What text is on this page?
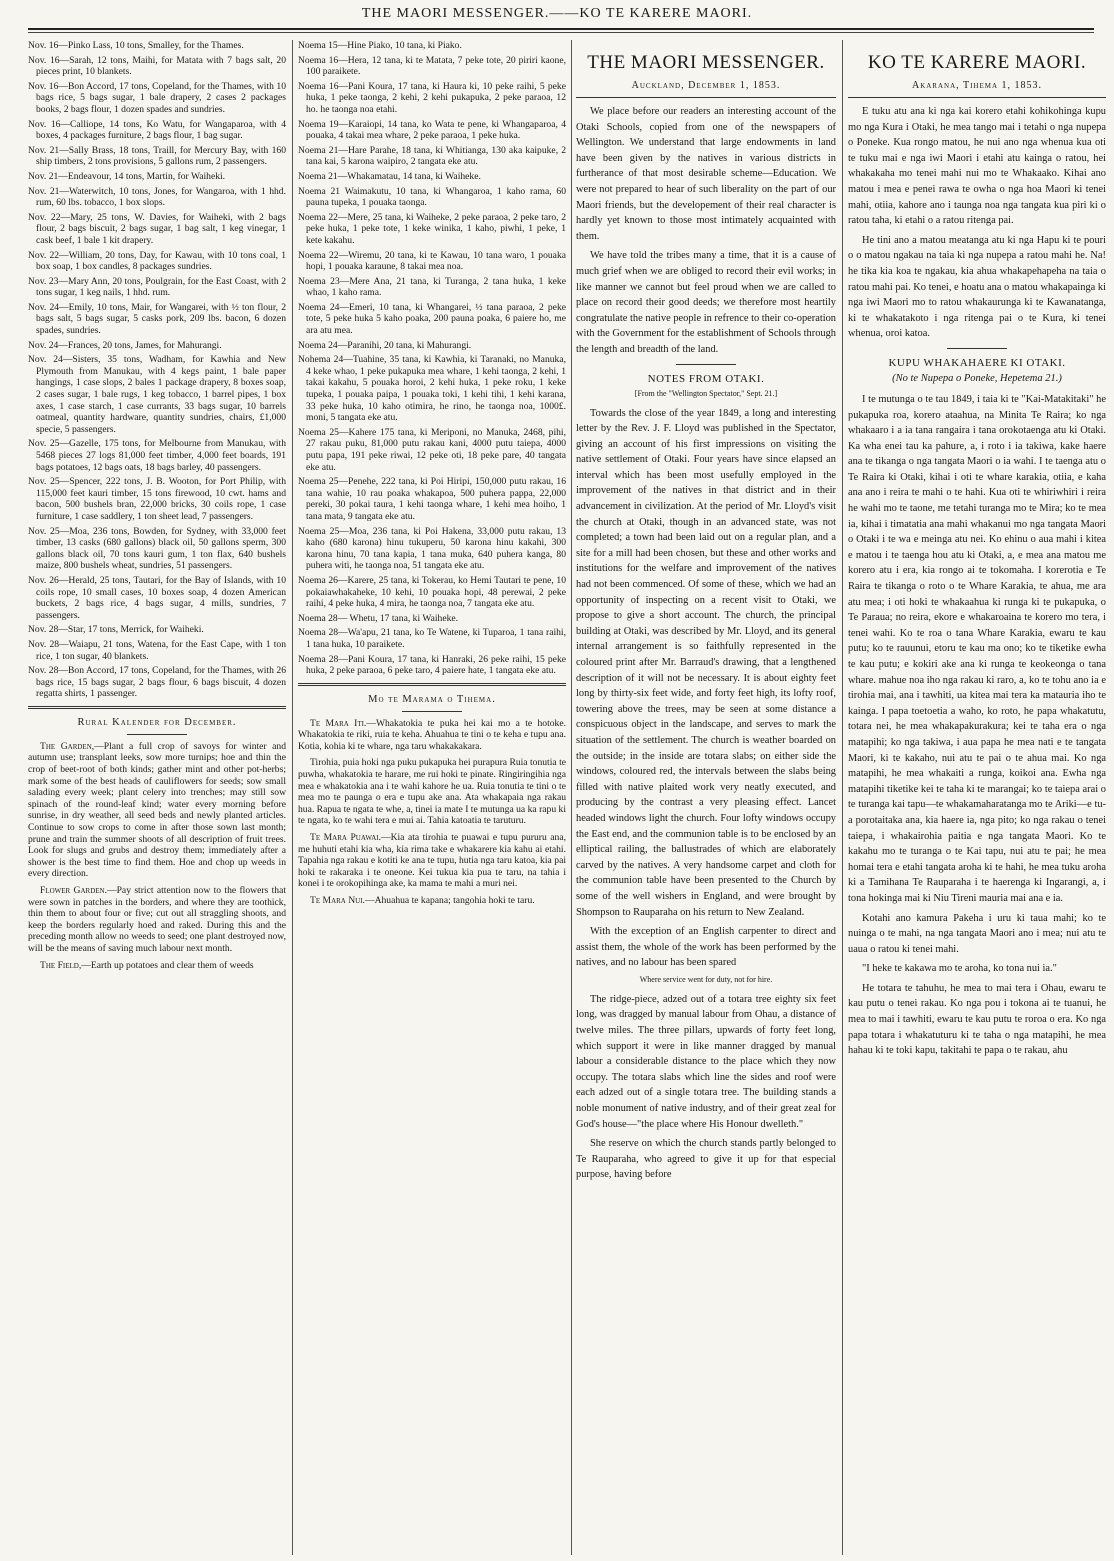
THE MAORI MESSENGER.——KO TE KARERE MAORI.

Nov. 16—Pinko Lass, 10 tons, Smalley, for the Thames.

Nov. 16—Sarah, 12 tons, Maihi, for Matata with 7 bags salt, 20 pieces print, 10 blankets.

Nov. 16—Bon Accord, 17 tons, Copeland, for the Thames, with 10 bags rice, 5 bags sugar, 1 bale drapery, 2 cases 2 packages books, 2 bags flour, 1 dozen spades and sundries.

Nov. 16—Calliope, 14 tons, Ko Watu, for Wangaparoa, with 4 boxes, 4 packages furniture, 2 bags flour, 1 bag sugar.

Nov. 21—Sally Brass, 18 tons, Traill, for Mercury Bay, with 160 ship timbers, 2 tons provisions, 5 gallons rum, 2 passengers.

Nov. 21—Endeavour, 14 tons, Martin, for Waiheki.

Nov. 21—Waterwitch, 10 tons, Jones, for Wangaroa, with 1 hhd. rum, 60 lbs. tobacco, 1 box slops.

Nov. 22—Mary, 25 tons, W. Davies, for Waiheki, with 2 bags flour, 2 bags biscuit, 2 bags sugar, 1 bag salt, 1 keg vinegar, 1 cask beef, 1 bale 1 kit drapery.

Nov. 22—William, 20 tons, Day, for Kawau, with 10 tons coal, 1 box soap, 1 box candles, 8 packages sundries.

Nov. 23—Mary Ann, 20 tons, Poulgrain, for the East Coast, with 2 tons sugar, 1 keg nails, 1 hhd. rum.

Nov. 24—Emily, 10 tons, Mair, for Wangarei, with ½ ton flour, 2 bags salt, 5 bags sugar, 5 casks pork, 209 lbs. bacon, 6 dozen spades, sundries.

Nov. 24—Frances, 20 tons, James, for Mahurangi.

Nov. 24—Sisters, 35 tons, Wadham, for Kawhia and New Plymouth from Manukau, with 4 kegs paint, 1 bale paper hangings, 1 case slops, 2 bales 1 package drapery, 8 boxes soap, 2 cases sugar, 1 bale rugs, 1 keg tobacco, 1 barrel pipes, 1 box axes, 1 case starch, 1 case currants, 33 bags sugar, 10 barrels oatmeal, quantity hardware, quantity sundries, chairs, £1,000 specie, 5 passengers.

Nov. 25—Gazelle, 175 tons, for Melbourne from Manukau, with 5468 pieces 27 logs 81,000 feet timber, 4,000 feet boards, 191 bags potatoes, 12 bags oats, 18 bags barley, 40 passengers.

Nov. 25—Spencer, 222 tons, J. B. Wooton, for Port Philip, with 115,000 feet kauri timber, 15 tons firewood, 10 cwt. hams and bacon, 500 bushels bran, 22,000 bricks, 30 coils rope, 1 case furniture, 1 case saddlery, 1 ton sheet lead, 7 passengers.

Nov. 25—Moa, 236 tons, Bowden, for Sydney, with 33,000 feet timber, 13 casks (680 gallons) black oil, 50 gallons sperm, 300 gallons black oil, 70 tons kauri gum, 1 ton flax, 640 bushels maize, 800 bushels wheat, sundries, 51 passengers.

Nov. 26—Herald, 25 tons, Tautari, for the Bay of Islands, with 10 coils rope, 10 small cases, 10 boxes soap, 4 dozen American buckets, 2 bags rice, 4 bags sugar, 4 mills, sundries, 7 passengers.

Nov. 28—Star, 17 tons, Merrick, for Waiheki.

Nov. 28—Waiapu, 21 tons, Watena, for the East Cape, with 1 ton rice, 1 ton sugar, 40 blankets.

Nov. 28—Bon Accord, 17 tons, Copeland, for the Thames, with 26 bags rice, 15 bags sugar, 2 bags flour, 6 bags biscuit, 4 dozen regatta shirts, 1 passenger.

Rural Kalender for December.

The Garden,—Plant a full crop of savoys for winter and autumn use; transplant leeks, sow more turnips; hoe and thin the crop of beet-root of both kinds; gather mint and other pot-herbs; mark some of the best heads of cauliflowers for seeds; sow small salading every week; plant celery into trenches; may still sow spinach of the round-leaf kind; water every morning before sunrise, in dry weather, all seed beds and newly planted articles. Continue to sow crops to come in after those sown last month; prune and train the summer shoots of all description of fruit trees. Look for slugs and grubs and destroy them; immediately after a shower is the best time to find them. Hoe and chop up weeds in every direction.

Flower Garden.—Pay strict attention now to the flowers that were sown in patches in the borders, and where they are toothick, thin them to about four or five; cut out all straggling shoots, and keep the borders regularly hoed and raked. During this and the preceding month allow no weeds to seed; one plant destroyed now, will be the means of saving much labour next month.

The Field,—Earth up potatoes and clear them of weeds

Noema 15—Hine Piako, 10 tana, ki Piako.

Noema 16—Hera, 12 tana, ki te Matata, 7 peke tote, 20 piriri kaone, 100 paraikete.

Noema 16—Pani Koura, 17 tana, ki Haura ki, 10 peke raihi, 5 peke huka, 1 peke taonga, 2 kehi, 2 kehi pukapuka, 2 peke paraoa, 12 ho. he taonga noa etahi.

Noema 19—Karaiopi, 14 tana, ko Wata te pene, ki Whangaparoa, 4 pouaka, 4 takai mea whare, 2 peke paraoa, 1 peke huka.

Noema 21—Hare Parahe, 18 tana, ki Whitianga, 130 aka kaipuke, 2 tana kai, 5 karona waipiro, 2 tangata eke atu.

Noema 21—Whakamatau, 14 tana, ki Waiheke.

Noema 21 Waimakutu, 10 tana, ki Whangaroa, 1 kaho rama, 60 pauna tupeka, 1 pouaka taonga.

Noema 22—Mere, 25 tana, ki Waiheke, 2 peke paraoa, 2 peke taro, 2 peke huka, 1 peke tote, 1 keke winika, 1 kaho, piwhi, 1 peke, 1 kete kakahu.

Noema 22—Wiremu, 20 tana, ki te Kawau, 10 tana waro, 1 pouaka hopi, 1 pouaka karaune, 8 takai mea noa.

Noema 23—Mere Ana, 21 tana, ki Turanga, 2 tana huka, 1 keke whao, 1 kaho rama.

Noema 24—Emeri, 10 tana, ki Whangarei, ½ tana paraoa, 2 peke tote, 5 peke huka 5 kaho poaka, 200 pauna poaka, 6 paiere ho, me ara atu mea.

Noema 24—Paranihi, 20 tana, ki Mahurangi.

Nohema 24—Tuahine, 35 tana, ki Kawhia, ki Taranaki, no Manuka, 4 keke whao, 1 peke pukapuka mea whare, 1 kehi taonga, 2 kehi, 1 takai kakahu, 5 pouaka horoi, 2 kehi huka, 1 peke roku, 1 keke tupeka, 1 pouaka paipa, 1 pouaka toki, 1 kehi tihi, 1 kehi karana, 33 peke huka, 10 kaho otimira, he rino, he taonga noa, 1000£. moni, 5 tangata eke atu.

Noema 25—Kahere 175 tana, ki Meriponi, no Manuka, 2468, pihi, 27 rakau puku, 81,000 putu rakau kani, 4000 putu taiepa, 4000 putu papa, 191 peke riwai, 12 peke oti, 18 peke pare, 40 tangata eke atu.

Noema 25—Penehe, 222 tana, ki Poi Hiripi, 150,000 putu rakau, 16 tana wahie, 10 rau poaka whakapoa, 500 puhera pappa, 22,000 pereki, 30 pokai taura, 1 kehi taonga whare, 1 kehi mea hoiho, 1 tana mata, 9 tangata eke atu.

Noema 25—Moa, 236 tana, ki Poi Hakena, 33,000 putu rakau, 13 kaho (680 karona) hinu tukuperu, 50 karona hinu kakahi, 300 karona hinu, 70 tana kapia, 1 tana muka, 640 puhera kanga, 80 puhera witi, he taonga noa, 51 tangata eke atu.

Noema 26—Karere, 25 tana, ki Tokerau, ko Hemi Tautari te pene, 10 pokaiawhakaheke, 10 kehi, 10 pouaka hopi, 48 perewai, 2 peke raihi, 4 peke huka, 4 mira, he taonga noa, 7 tangata eke atu.

Noema 28— Whetu, 17 tana, ki Waiheke.

Noema 28—Wa'apu, 21 tana, ko Te Watene, ki Tuparoa, 1 tana raihi, 1 tana huka, 10 paraikete.

Noema 28—Pani Koura, 17 tana, ki Hanraki, 26 peke raihi, 15 peke huka, 2 peke paraoa, 6 peke taro, 4 paiere hate, 1 tangata eke atu.

Mo te Marama o Tihema.

Te Mara Iti.—Whakatokia te puka hei kai mo a te hotoke. Whakatokia te riki, ruia te keha. Ahuahua te tini o te keha e tupu ana. Kotia, kohia ki te whare, nga taru whakakakara.

Tirohia, puia hoki nga puku pukapuka hei purapura Ruia tonutia te puwha, whakatokia te harare, me rui hoki te pinate. Ringiringihia nga mea e whakatokia ana i te wahi kahore he ua. Ruia tonutia te tini o te mea mo te paunga o era e tupu ake ana. Ata whakapaia nga rakau hua. Rapua te ngata te whe, a, tinei ia mate I te mutunga ua ka rapu ki te ngata, ko te wahi tera e mui ai. Tahia katoatia te taruturu.

Te Mara Puawai.—Kia ata tirohia te puawai e tupu pururu ana, me huhuti etahi kia wha, kia rima take e whakarere kia kahu ai etahi. Tapahia nga rakau e kotiti ke ana te tupu, hutia nga taru katoa, kia pai hoki te rakaraka i te oneone. Kei tukua kia pua te taru, na tahia i konei i te orokopihinga ake, ka mama te mahi a muri nei.

Te Mara Nui.—Ahuahua te kapana; tangohia hoki te taru.

THE MAORI MESSENGER.
Auckland, December 1, 1853.

We place before our readers an interesting account of the Otaki Schools, copied from one of the newspapers of Wellington. We understand that large endowments in land have been given by the natives in various districts in furtherance of that most desirable scheme—Education. We were not prepared to hear of such liberality on the part of our Maori friends, but the developement of their real character is hardly yet known to those most intimately acquainted with them.

We have told the tribes many a time, that it is a cause of much grief when we are obliged to record their evil works; in like manner we cannot but feel proud when we are called to place on record their good deeds; we therefore most heartily congratulate the native people in refrence to their co-operation with the Government for the establishment of Schools through the length and breadth of the land.

NOTES FROM OTAKI.
[From the "Wellington Spectator," Sept. 21.]

Towards the close of the year 1849, a long and interesting letter by the Rev. J. F. Lloyd was published in the Spectator, giving an account of his first impressions on visiting the native settlement of Otaki. Four years have since elapsed an interval which has been most usefully employed in the improvement of the natives in that district and in their advancement in civilization. At the period of Mr. Lloyd's visit the church at Otaki, though in an advanced state, was not completed; a town had been laid out on a regular plan, and a site for a mill had been chosen, but these and other works and institutions for the welfare and improvement of the natives had not been commenced. Of some of these, which we had an opportunity of inspecting on a recent visit to Otaki, we propose to give a short account. The church, the principal building at Otaki, was described by Mr. Lloyd, and its general internal arrangement is so faithfully represented in the coloured print after Mr. Barraud's drawing, that a lengthened description of it will not be necessary. It is about eighty feet long by thirty-six feet wide, and forty feet high, its lofty roof, towering above the trees, may be seen at some distance a conspicuous object in the landscape, and serves to mark the situation of the settlement. The church is weather boarded on the outside; in the inside are totara slabs; on either side the windows, coloured red, the intervals between the slabs being filled with native plaited work very neatly executed, and producing by the contrast a very pleasing effect. Lancet headed windows light the church. Four lofty windows occupy the East end, and the communion table is to be enclosed by an elliptical railing, the ballustrades of which are elaborately carved by the natives. A very handsome carpet and cloth for the communion table have been presented to the Church by some of the well wishers in England, and were brought by Shompson to Rauparaha on his return to New Zealand.

With the exception of an English carpenter to direct and assist them, the whole of the work has been performed by the natives, and no labour has been spared

Where service went for duty, not for hire.

The ridge-piece, adzed out of a totara tree eighty six feet long, was dragged by manual labour from Ohau, a distance of twelve miles. The three pillars, upwards of forty feet long, which support it were in like manner dragged by manual labour a considerable distance to the place which they now occupy. The totara slabs which line the sides and roof were each adzed out of a single totara tree. The building stands a noble monument of native industry, and of their great zeal for God's house—"the place where His Honour dwelleth."

She reserve on which the church stands partly belonged to Te Rauparaha, who agreed to give it up for that especial purpose, having before

KO TE KARERE MAORI.
Akarana, Tihema 1, 1853.

E tuku atu ana ki nga kai korero etahi kohikohinga kupu mo nga Kura i Otaki, he mea tango mai i tetahi o nga nupepa o Poneke. Kua rongo matou, he nui ano nga whenua kua oti te tuku mai e nga iwi Maori i etahi atu kainga o ratou, hei whakakaha mo tenei mahi nui mo te Whakaako. Kihai ano matou i mea e penei rawa te owha o nga hoa Maori ki tenei mahi, otiia, kahore ano i taunga noa nga tangata kua piri ki o ratou taha, ki etahi o a ratou ritenga pai.

He tini ano a matou meatanga atu ki nga Hapu ki te pouri o o matou ngakau na taia ki nga nupepa a ratou mahi he. Na! he tika kia koa te ngakau, kia ahua whakapehapeha na taia o ratou mahi pai. Ko tenei, e hoatu ana o matou whakapainga ki nga iwi Maori mo to ratou whakaurunga ki te Kawanatanga, ki te whakatakoto i nga ritenga pai o te Kura, ki tenei whenua, oroi katoa.

KUPU WHAKAHAERE KI OTAKI.
(No te Nupepa o Poneke, Hepetema 21.)

I te mutunga o te tau 1849, i taia ki te "Kai-Matakitaki" he pukapuka roa, korero ataahua, na Minita Te Raira; ko nga whakaaro i a ia tana rangaira i tana orokotaenga atu ki Otaki. Ka wha enei tau ka pahure, a, i roto i ia takiwa, kake haere ana te tikanga o nga tangata Maori o ia wahi. I te taenga atu o Te Raira ki Otaki, kihai i oti te whare karakia, otiia, e kaha ana ano i reira te mahi o te hahi. Kua oti te whiriwhiri i reira he wahi mo te taone, me tetahi turanga mo te Mira; ko te mea ia, kihai i timatatia ana mahi whakanui mo nga tangata Maori o Otaki i te wa e meinga atu nei. Ko ehinu o aua mahi i kitea e matou i te taenga hou atu ki Otaki, a, e mea ana matou me korero atu i era, kia rongo ai te tokomaha. I korerotia e Te Raira te tikanga o roto o te Whare Karakia, te ahua, me ara atu mea; i oti hoki te whakaahua ki runga ki te pukapuka, o Te Paraua; no reira, ekore e whakaroaina te korero mo tera, i tenei wahi. Ko te roa o tana Whare Karakia, ewaru te kau putu; ko te rauunui, etoru te kau ma ono; ko te tiketike ewha te kau putu; e kokiri ake ana ki runga te keokeonga o tana whare. mahue noa iho nga rakau ki raro, a, ko te tohu ano ia e tirohia mai, ana i tawhiti, ua kitea mai tera ka matauria iho te kainga. I papa toetoetia a waho, ko roto, he papa whakatutu, totara nei, he mea whakapakurakura; kei te taha era o nga matapihi; ko nga takiwa, i aua papa he mea nati e te tangata Maori, ki te kakaho, nui atu te pai o te ahua mai. Ko nga matapihi, he mea whakaiti a runga, koikoi ana. Ewha nga matapihi tiketike kei te taha ki te marangai; ko te taiepa arai o te turanga kai tapu—te whakamaharatanga mo te Ariki—e tu-a porotaitaka ana, kia haere ia, nga pito; ko nga rakau o tenei taiepa, i whakairohia paitia e nga tangata Maori. Ko te kakahu mo te turanga o te Kai tapu, nui atu te pai; he mea homai tera e etahi tangata aroha ki te hahi, he mea tuku aroha ki a Tamihana Te Rauparaha i te haerenga ki Ingarangi, a, i tona hokinga mai ki Niu Tireni mauria mai ana e ia.

Kotahi ano kamura Pakeha i uru ki taua mahi; ko te nuinga o te mahi, na nga tangata Maori ano i mea; nui atu te uaua o ratou ki tenei mahi.

"I heke te kakawa mo te aroha, ko tona nui ia."

He totara te tahuhu, he mea to mai tera i Ohau, ewaru te kau putu o tenei rakau. Ko nga pou i tokona ai te tuanui, he mea to mai i tawhiti, ewaru te kau putu te roroa o era. Ko nga papa totara i whakatuturu ki te taha o nga matapihi, he mea hahau ki te toki kapu, takitahi te papa o te rakau, ahu
